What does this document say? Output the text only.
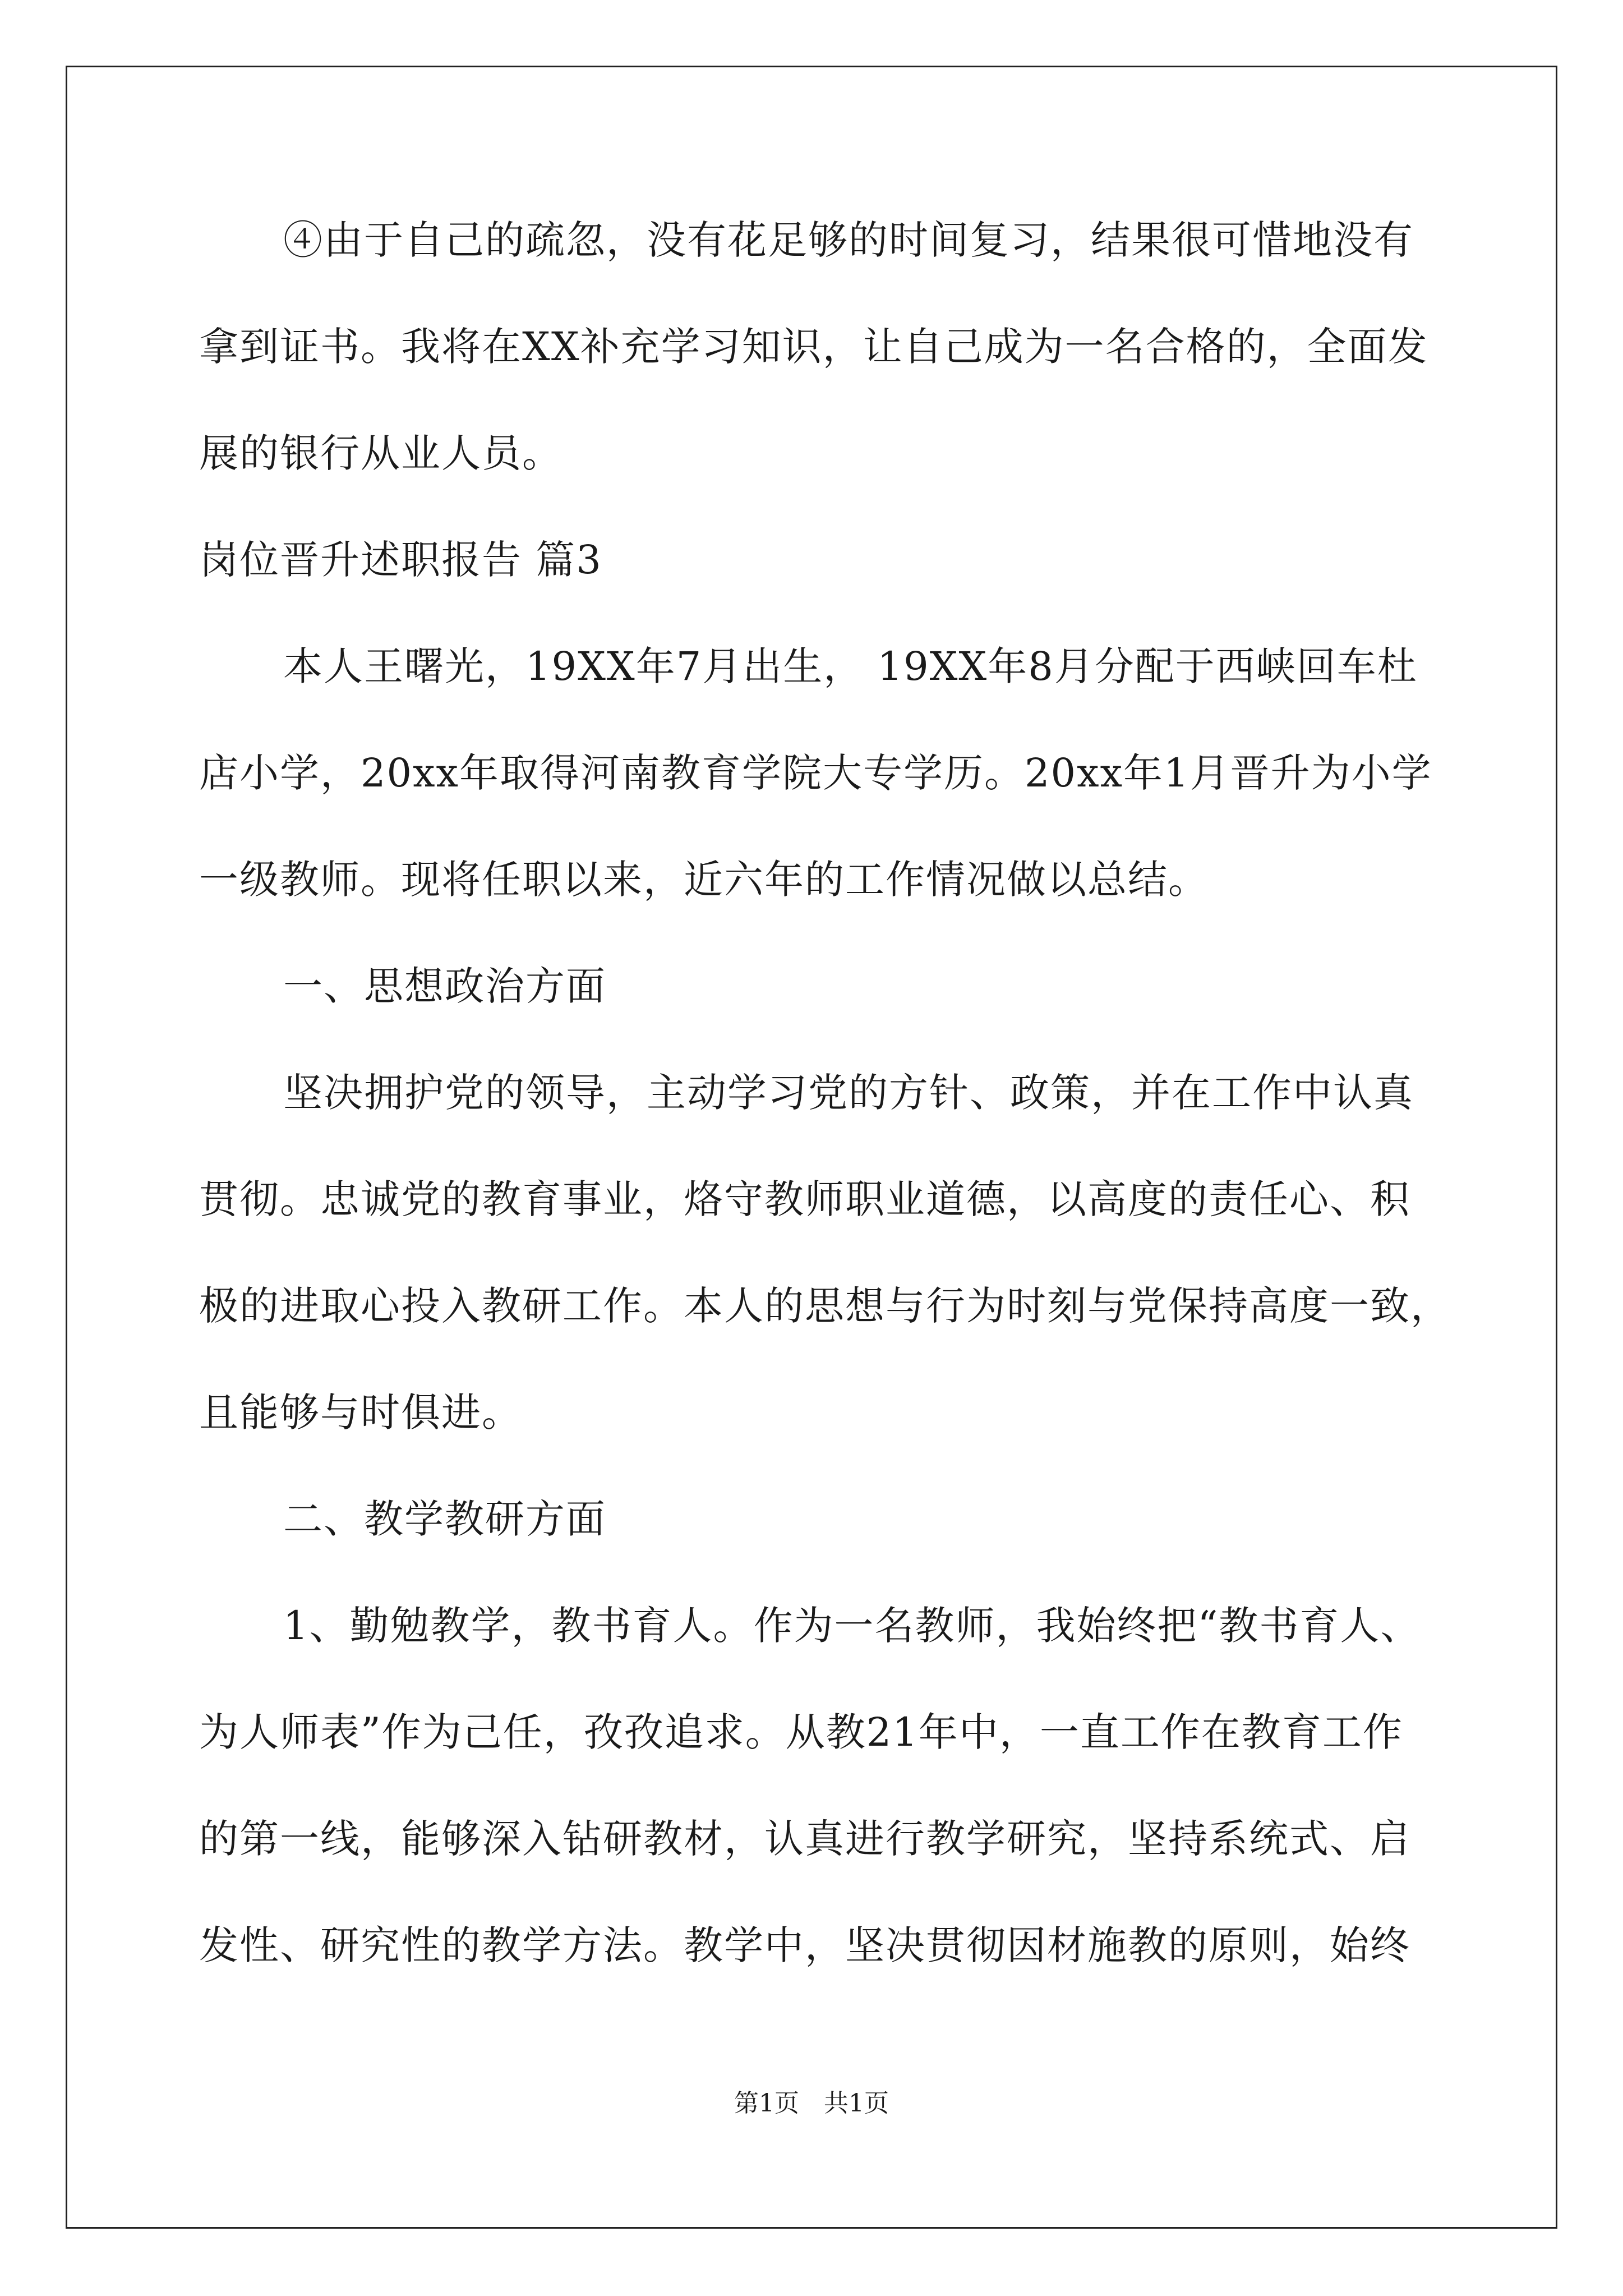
④由于自己的疏忽，没有花足够的时间复习，结果很可惜地没有
拿到证书。我将在XX补充学习知识，让自己成为一名合格的，全面发
展的银行从业人员。
岗位晋升述职报告 篇3
本人王曙光，19XX年7月出生， 19XX年8月分配于西峡回车杜
店小学，20xx年取得河南教育学院大专学历。20xx年1月晋升为小学
一级教师。现将任职以来，近六年的工作情况做以总结。
一、思想政治方面
坚决拥护党的领导，主动学习党的方针、政策，并在工作中认真
贯彻。忠诚党的教育事业，烙守教师职业道德，以高度的责任心、积
极的进取心投入教研工作。本人的思想与行为时刻与党保持高度一致，
且能够与时俱进。
二、教学教研方面
1、勤勉教学，教书育人。作为一名教师，我始终把“教书育人、
为人师表”作为己任，孜孜追求。从教21年中，一直工作在教育工作
的第一线，能够深入钻研教材，认真进行教学研究，坚持系统式、启
发性、研究性的教学方法。教学中，坚决贯彻因材施教的原则，始终
第1页　共1页
